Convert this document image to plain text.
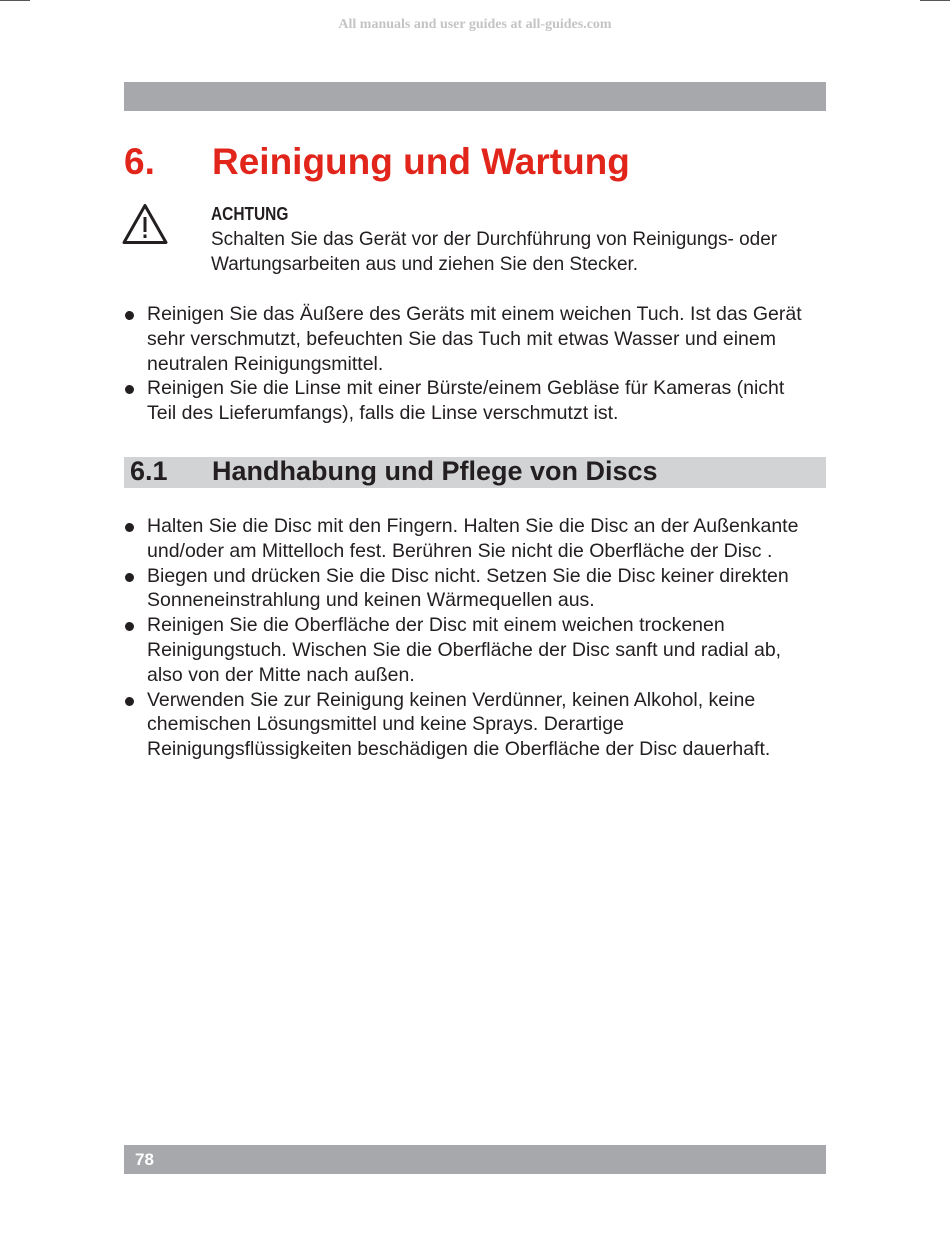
All manuals and user guides at all-guides.com
6. Reinigung und Wartung
ACHTUNG
Schalten Sie das Gerät vor der Durchführung von Reinigungs- oder
Wartungsarbeiten aus und ziehen Sie den Stecker.
Reinigen Sie das Äußere des Geräts mit einem weichen Tuch. Ist das Gerät
sehr verschmutzt, befeuchten Sie das Tuch mit etwas Wasser und einem
neutralen Reinigungsmittel.
Reinigen Sie die Linse mit einer Bürste/einem Gebläse für Kameras (nicht
Teil des Lieferumfangs), falls die Linse verschmutzt ist.
6.1 Handhabung und Pflege von Discs
Halten Sie die Disc mit den Fingern. Halten Sie die Disc an der Außenkante
und/oder am Mittelloch fest. Berühren Sie nicht die Oberfläche der Disc .
Biegen und drücken Sie die Disc nicht. Setzen Sie die Disc keiner direkten
Sonneneinstrahlung und keinen Wärmequellen aus.
Reinigen Sie die Oberfläche der Disc mit einem weichen trockenen
Reinigungstuch. Wischen Sie die Oberfläche der Disc sanft und radial ab,
also von der Mitte nach außen.
Verwenden Sie zur Reinigung keinen Verdünner, keinen Alkohol, keine
chemischen Lösungsmittel und keine Sprays. Derartige
Reinigungsflüssigkeiten beschädigen die Oberfläche der Disc dauerhaft.
78
